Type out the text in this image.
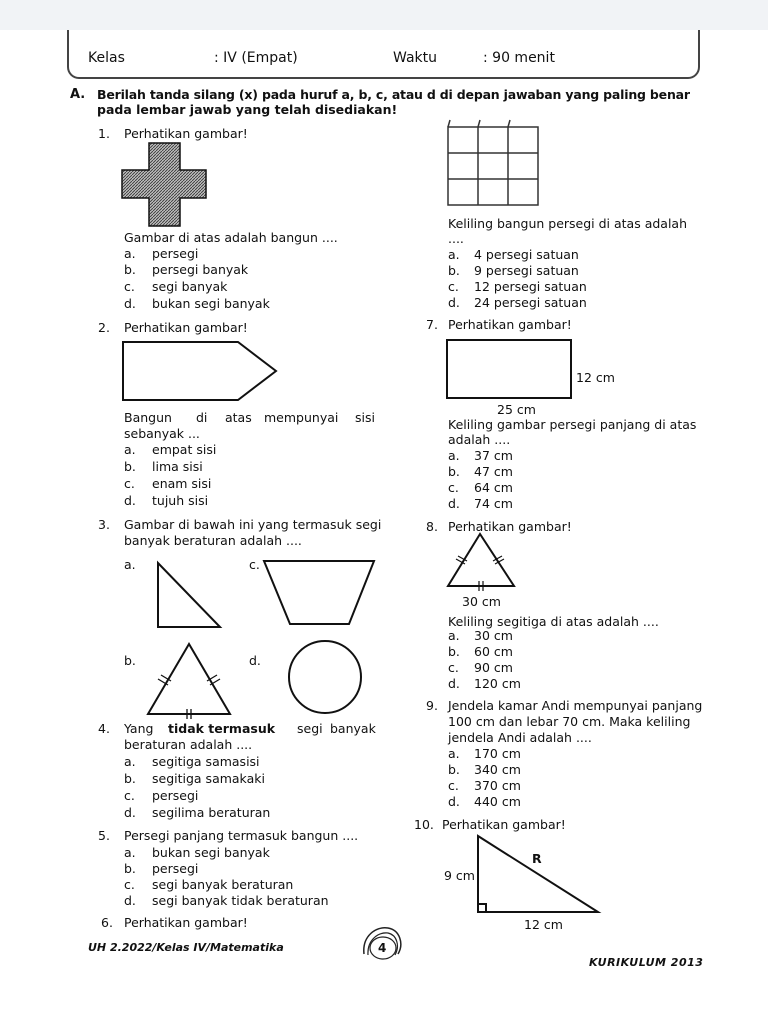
Kelas	: IV (Empat)	Waktu	: 90 menit
A. Berilah tanda silang (x) pada huruf a, b, c, atau d di depan jawaban yang paling benar
pada lembar jawab yang telah disediakan!
1. Perhatikan gambar!
Gambar di atas adalah bangun ....
a. persegi
b. persegi banyak
c. segi banyak
d. bukan segi banyak
2. Perhatikan gambar!
Bangun di atas mempunyai sisi
sebanyak ...
a. empat sisi
b. lima sisi
c. enam sisi
d. tujuh sisi
3. Gambar di bawah ini yang termasuk segi
banyak beraturan adalah ....
a.	c.
b.	d.
4. Yang tidak termasuk segi banyak
beraturan adalah ....
a. segitiga samasisi
b. segitiga samakaki
c. persegi
d. segilima beraturan
5. Persegi panjang termasuk bangun ....
a. bukan segi banyak
b. persegi
c. segi banyak beraturan
d. segi banyak tidak beraturan
6. Perhatikan gambar!
Keliling bangun persegi di atas adalah
....
a. 4 persegi satuan
b. 9 persegi satuan
c. 12 persegi satuan
d. 24 persegi satuan
7. Perhatikan gambar!
12 cm
25 cm
Keliling gambar persegi panjang di atas
adalah ....
a. 37 cm
b. 47 cm
c. 64 cm
d. 74 cm
8. Perhatikan gambar!
30 cm
Keliling segitiga di atas adalah ....
a. 30 cm
b. 60 cm
c. 90 cm
d. 120 cm
9. Jendela kamar Andi mempunyai panjang
100 cm dan lebar 70 cm. Maka keliling
jendela Andi adalah ....
a. 170 cm
b. 340 cm
c. 370 cm
d. 440 cm
10. Perhatikan gambar!
9 cm
R
12 cm
UH 2.2022/Kelas IV/Matematika	4
KURIKULUM 2013
